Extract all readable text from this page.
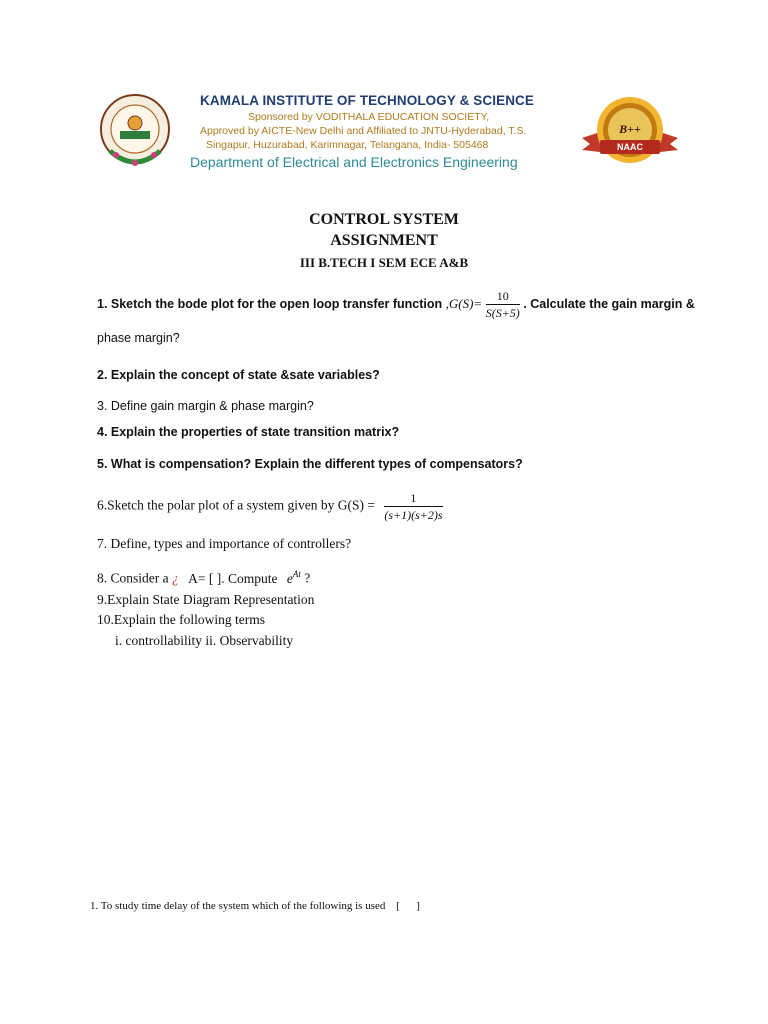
KAMALA INSTITUTE OF TECHNOLOGY & SCIENCE
Sponsored by VODITHALA EDUCATION SOCIETY,
Approved by AICTE-New Delhi and Affiliated to JNTU-Hyderabad, T.S.
Singapur, Huzurabad, Karimnagar, Telangana, India- 505468
Department of Electrical and Electronics Engineering
B++
NAAC
CONTROL SYSTEM
ASSIGNMENT
III B.TECH I SEM ECE A&B
1. Sketch the bode plot for the open loop transfer function $,G(S)= \frac{10}{S(S+5)}$ . Calculate the gain margin &
phase margin?
2. Explain the concept of state &sate variables?
3. Define gain margin & phase margin?
4. Explain the properties of state transition matrix?
5. What is compensation? Explain the different types of compensators?
6.Sketch the polar plot of a system given by $G(S) = \frac{1}{(s+1)(s+2)s}$
7. Define, types and importance of controllers?
8. Consider a ¿ A= [ ]. Compute $e^{At}$ ?
9.Explain State Diagram Representation
10.Explain the following terms
i. controllability ii. Observability
1. To study time delay of the system which of the following is used [      ]
